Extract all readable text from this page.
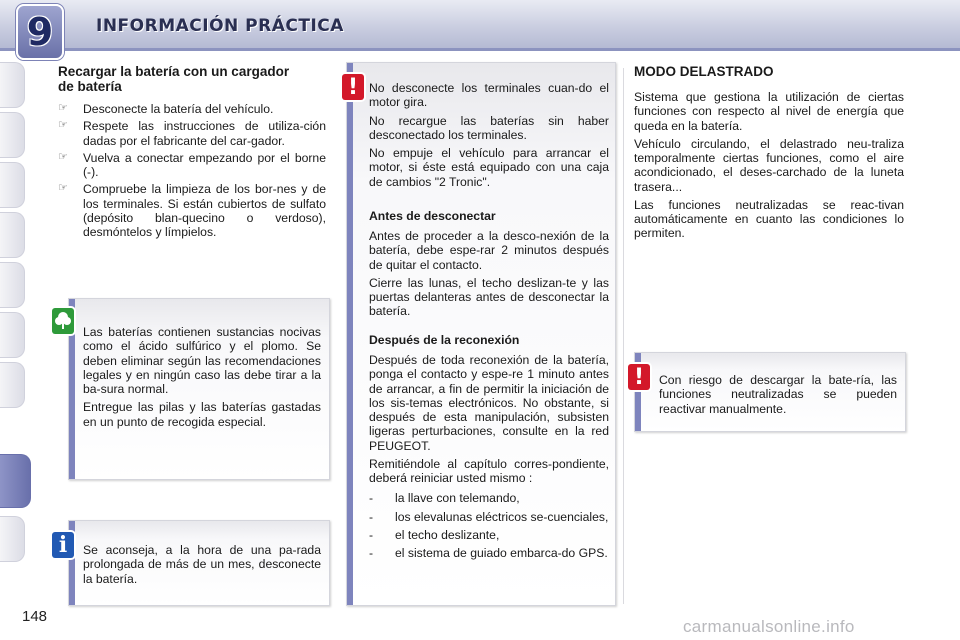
9	INFORMACIÓN PRÁCTICA
Recargar la batería con un cargador de batería
☞ Desconecte la batería del vehículo.
☞ Respete las instrucciones de utiliza-ción dadas por el fabricante del car-gador.
☞ Vuelva a conectar empezando por el borne (-).
☞ Compruebe la limpieza de los bor-nes y de los terminales. Si están cubiertos de sulfato (depósito blan-quecino o verdoso), desmóntelos y límpielos.

Las baterías contienen sustancias nocivas como el ácido sulfúrico y el plomo. Se deben eliminar según las recomendaciones legales y en ningún caso las debe tirar a la ba-sura normal.

Entregue las pilas y las baterías gastadas en un punto de recogida especial.

Se aconseja, a la hora de una pa-rada prolongada de más de un mes, desconecte la batería.
i

No desconecte los terminales cuan-do el motor gira.

No recargue las baterías sin haber desconectado los terminales.

No empuje el vehículo para arrancar el motor, si éste está equipado con una caja de cambios "2 Tronic".

Antes de desconectar

Antes de proceder a la desco-nexión de la batería, debe espe-rar 2 minutos después de quitar el contacto.

Cierre las lunas, el techo deslizan-te y las puertas delanteras antes de desconectar la batería.

Después de la reconexión

Después de toda reconexión de la batería, ponga el contacto y espe-re 1 minuto antes de arrancar, a fin de permitir la iniciación de los sis-temas electrónicos. No obstante, si después de esta manipulación, subsisten ligeras perturbaciones, consulte en la red PEUGEOT.

Remitiéndole al capítulo corres-pondiente, deberá reiniciar usted mismo :

- la llave con telemando,
- los elevalunas eléctricos se-cuenciales,
- el techo deslizante,
- el sistema de guiado embarca-do GPS.
!
MODO DELASTRADO

Sistema que gestiona la utilización de ciertas funciones con respecto al nivel de energía que queda en la batería.

Vehículo circulando, el delastrado neu-traliza temporalmente ciertas funciones, como el aire acondicionado, el deses-carchado de la luneta trasera...

Las funciones neutralizadas se reac-tivan automáticamente en cuanto las condiciones lo permiten.

Con riesgo de descargar la bate-ría, las funciones neutralizadas se pueden reactivar manualmente.
!
148
carmanualsonline.info
